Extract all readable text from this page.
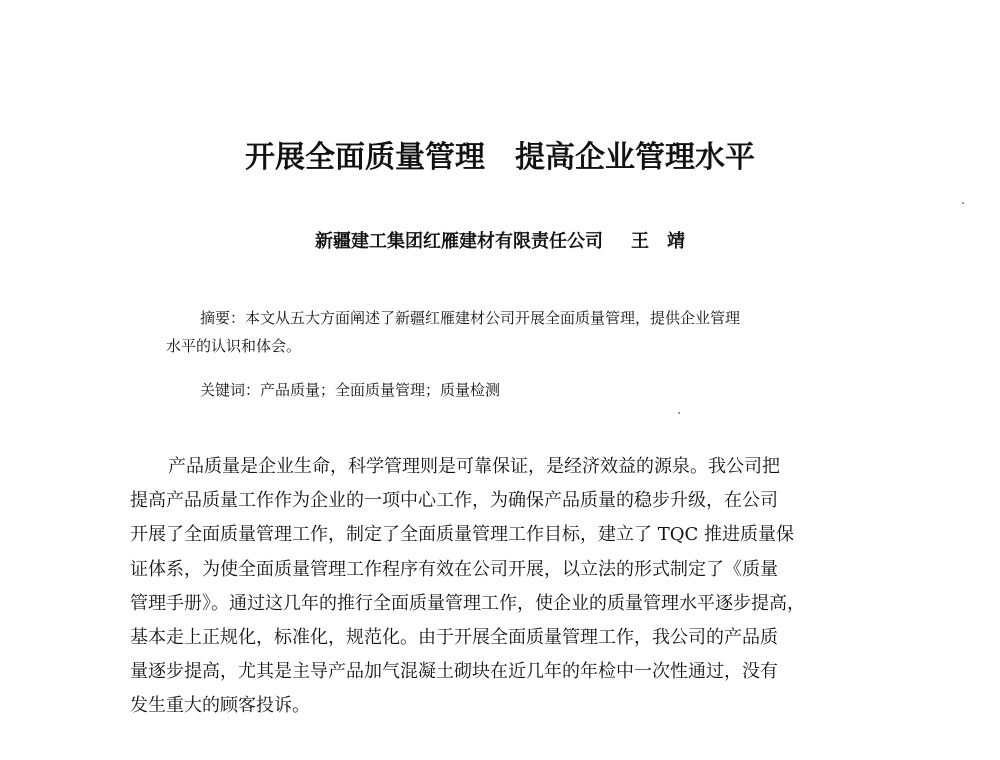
开展全面质量管理 提高企业管理水平
新疆建工集团红雁建材有限责任公司 王　靖
摘要：本文从五大方面阐述了新疆红雁建材公司开展全面质量管理，提供企业管理
水平的认识和体会。
关键词：产品质量；全面质量管理；质量检测
产品质量是企业生命，科学管理则是可靠保证，是经济效益的源泉。我公司把
提高产品质量工作作为企业的一项中心工作，为确保产品质量的稳步升级，在公司
开展了全面质量管理工作，制定了全面质量管理工作目标，建立了 TQC 推进质量保
证体系，为使全面质量管理工作程序有效在公司开展，以立法的形式制定了《质量
管理手册》。通过这几年的推行全面质量管理工作，使企业的质量管理水平逐步提高，
基本走上正规化，标准化，规范化。由于开展全面质量管理工作，我公司的产品质
量逐步提高，尤其是主导产品加气混凝土砌块在近几年的年检中一次性通过，没有
发生重大的顾客投诉。
